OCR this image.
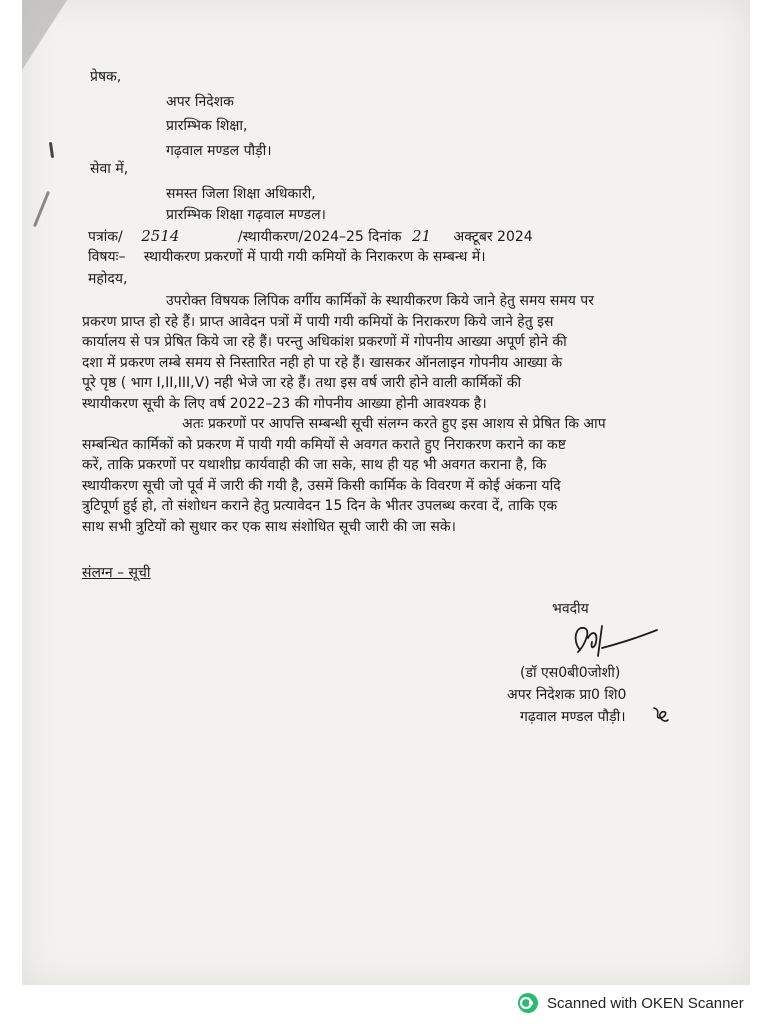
प्रेषक,
अपर निदेशक
प्रारम्भिक शिक्षा,
गढ़वाल मण्डल पौड़ी।
सेवा में,
समस्त जिला शिक्षा अधिकारी,
प्रारम्भिक शिक्षा गढ़वाल मण्डल।
पत्रांक/ 2514	/स्थायीकरण/2024–25 दिनांक 21 अक्टूबर 2024
विषयः– स्थायीकरण प्रकरणों में पायी गयी कमियों के निराकरण के सम्बन्ध में।
महोदय,
उपरोक्त विषयक लिपिक वर्गीय कार्मिकों के स्थायीकरण किये जाने हेतु समय समय पर
प्रकरण प्राप्त हो रहे हैं। प्राप्त आवेदन पत्रों में पायी गयी कमियों के निराकरण किये जाने हेतु इस
कार्यालय से पत्र प्रेषित किये जा रहे हैं। परन्तु अधिकांश प्रकरणों में गोपनीय आख्या अपूर्ण होने की
दशा में प्रकरण लम्बे समय से निस्तारित नही हो पा रहे हैं। खासकर ऑनलाइन गोपनीय आख्या के
पूरे पृष्ठ ( भाग I,II,III,V) नही भेजे जा रहे हैं। तथा इस वर्ष जारी होने वाली कार्मिकों की
स्थायीकरण सूची के लिए वर्ष 2022–23 की गोपनीय आख्या होनी आवश्यक है।
अतः प्रकरणों पर आपत्ति सम्बन्धी सूची संलग्न करते हुए इस आशय से प्रेषित कि आप
सम्बन्धित कार्मिकों को प्रकरण में पायी गयी कमियों से अवगत कराते हुए निराकरण कराने का कष्ट
करें, ताकि प्रकरणों पर यथाशीघ्र कार्यवाही की जा सके, साथ ही यह भी अवगत कराना है, कि
स्थायीकरण सूची जो पूर्व में जारी की गयी है, उसमें किसी कार्मिक के विवरण में कोई अंकना यदि
त्रुटिपूर्ण हुई हो, तो संशोधन कराने हेतु प्रत्यावेदन 15 दिन के भीतर उपलब्ध करवा दें, ताकि एक
साथ सभी त्रुटियों को सुधार कर एक साथ संशोधित सूची जारी की जा सके।
संलग्न – सूची
भवदीय
(डॉ एस0बी0जोशी)
अपर निदेशक प्रा0 शि0
गढ़वाल मण्डल पौड़ी।
Scanned with OKEN Scanner
